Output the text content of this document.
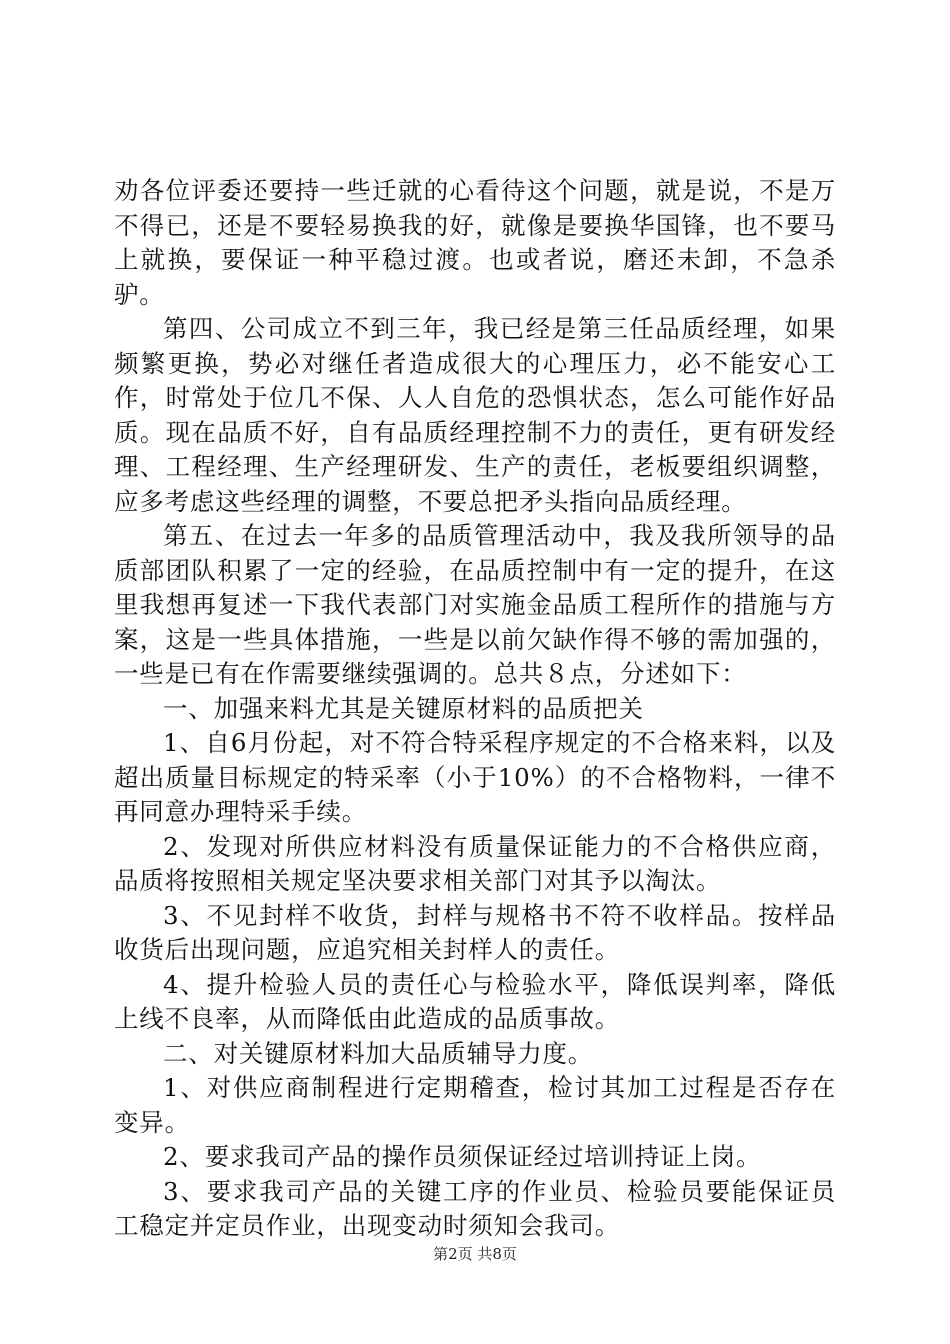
劝各位评委还要持一些迁就的心看待这个问题，就是说，不是万不得已，还是不要轻易换我的好，就像是要换华国锋，也不要马上就换，要保证一种平稳过渡。也或者说，磨还未卸，不急杀驴。

第四、公司成立不到三年，我已经是第三任品质经理，如果频繁更换，势必对继任者造成很大的心理压力，必不能安心工作，时常处于位几不保、人人自危的恐惧状态，怎么可能作好品质。现在品质不好，自有品质经理控制不力的责任，更有研发经理、工程经理、生产经理研发、生产的责任，老板要组织调整，应多考虑这些经理的调整，不要总把矛头指向品质经理。

第五、在过去一年多的品质管理活动中，我及我所领导的品质部团队积累了一定的经验，在品质控制中有一定的提升，在这里我想再复述一下我代表部门对实施金品质工程所作的措施与方案，这是一些具体措施，一些是以前欠缺作得不够的需加强的，一些是已有在作需要继续强调的。总共８点，分述如下：

一、加强来料尤其是关键原材料的品质把关

1、自6月份起，对不符合特采程序规定的不合格来料，以及超出质量目标规定的特采率（小于10%）的不合格物料，一律不再同意办理特采手续。

2、发现对所供应材料没有质量保证能力的不合格供应商，品质将按照相关规定坚决要求相关部门对其予以淘汰。

3、不见封样不收货，封样与规格书不符不收样品。按样品收货后出现问题，应追究相关封样人的责任。

4、提升检验人员的责任心与检验水平，降低误判率，降低上线不良率，从而降低由此造成的品质事故。

二、对关键原材料加大品质辅导力度。

1、对供应商制程进行定期稽查，检讨其加工过程是否存在变异。

2、要求我司产品的操作员须保证经过培训持证上岗。

3、要求我司产品的关键工序的作业员、检验员要能保证员工稳定并定员作业，出现变动时须知会我司。

第2页 共8页
